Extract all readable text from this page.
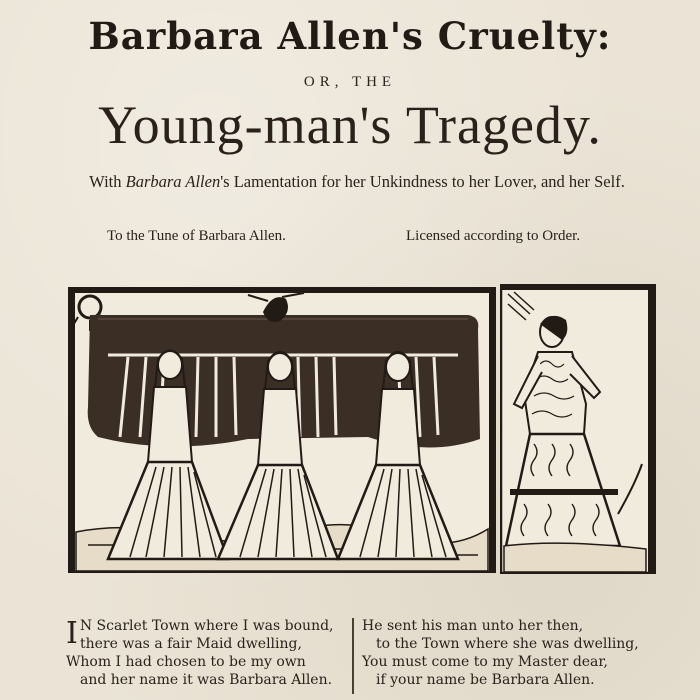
Barbara Allen's Cruelty:
OR, THE
Young-man's Tragedy.
With Barbara Allen's Lamentation for her Unkindness to her Lover, and her Self.
To the Tune of Barbara Allen.	Licensed according to Order.
I N Scarlet Town where I was bound,
there was a fair Maid dwelling,
Whom I had chosen to be my own
and her name it was Barbara Allen.
He sent his man unto her then,
to the Town where she was dwelling,
You must come to my Master dear,
if your name be Barbara Allen.
